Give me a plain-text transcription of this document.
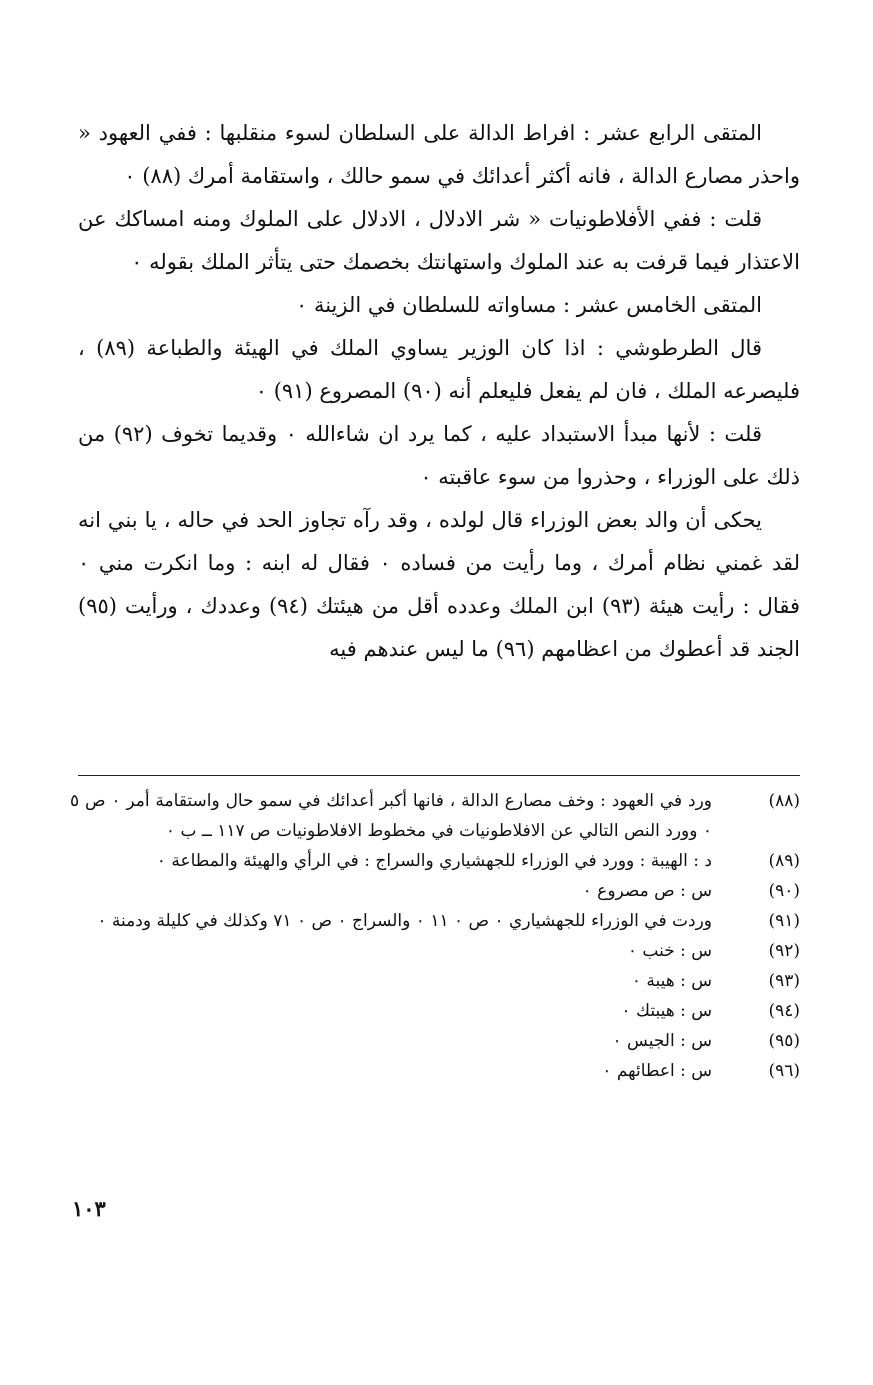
المتقى الرابع عشر : افراط الدالة على السلطان لسوء منقلبها : ففي العهود « واحذر مصارع الدالة ، فانه أكثر أعدائك في سمو حالك ، واستقامة أمرك (٨٨) ٠

قلت : ففي الأفلاطونيات « شر الادلال ، الادلال على الملوك ومنه امساكك عن الاعتذار فيما قرفت به عند الملوك واستهانتك بخصمك حتى يتأثر الملك بقوله ٠

المتقى الخامس عشر : مساواته للسلطان في الزينة ٠

قال الطرطوشي : اذا كان الوزير يساوي الملك في الهيئة والطباعة (٨٩) ، فليصرعه الملك ، فان لم يفعل فليعلم أنه (٩٠) المصروع (٩١) ٠

قلت : لأنها مبدأ الاستبداد عليه ، كما يرد ان شاءالله ٠ وقديما تخوف (٩٢) من ذلك على الوزراء ، وحذروا من سوء عاقبته ٠

يحكى أن والد بعض الوزراء قال لولده ، وقد رآه تجاوز الحد في حاله ، يا بني انه لقد غمني نظام أمرك ، وما رأيت من فساده ٠ فقال له ابنه : وما انكرت مني ٠ فقال : رأيت هيئة (٩٣) ابن الملك وعدده أقل من هيئتك (٩٤) وعددك ، ورأيت (٩٥) الجند قد أعطوك من اعظامهم (٩٦) ما ليس عندهم فيه

(٨٨)
ورد في العهود : وخف مصارع الدالة ، فانها أكبر أعدائك في سمو حال واستقامة أمر ٠ ص ٥ ٠ وورد النص التالي عن الافلاطونيات في مخطوط الافلاطونيات ص ١١٧ ــ ب ٠
(٨٩)
د : الهيبة : وورد في الوزراء للجهشياري والسراج : في الرأي والهيئة والمطاعة ٠
(٩٠)
س : ص مصروع ٠
(٩١)
وردت في الوزراء للجهشياري ٠ ص ٠ ١١ ٠ والسراج ٠ ص ٠ ٧١ وكذلك في كليلة ودمنة ٠
(٩٢)
س : خنب ٠
(٩٣)
س : هيبة ٠
(٩٤)
س : هيبتك ٠
(٩٥)
س : الجيس ٠
(٩٦)
س : اعطائهم ٠
١٠٣
